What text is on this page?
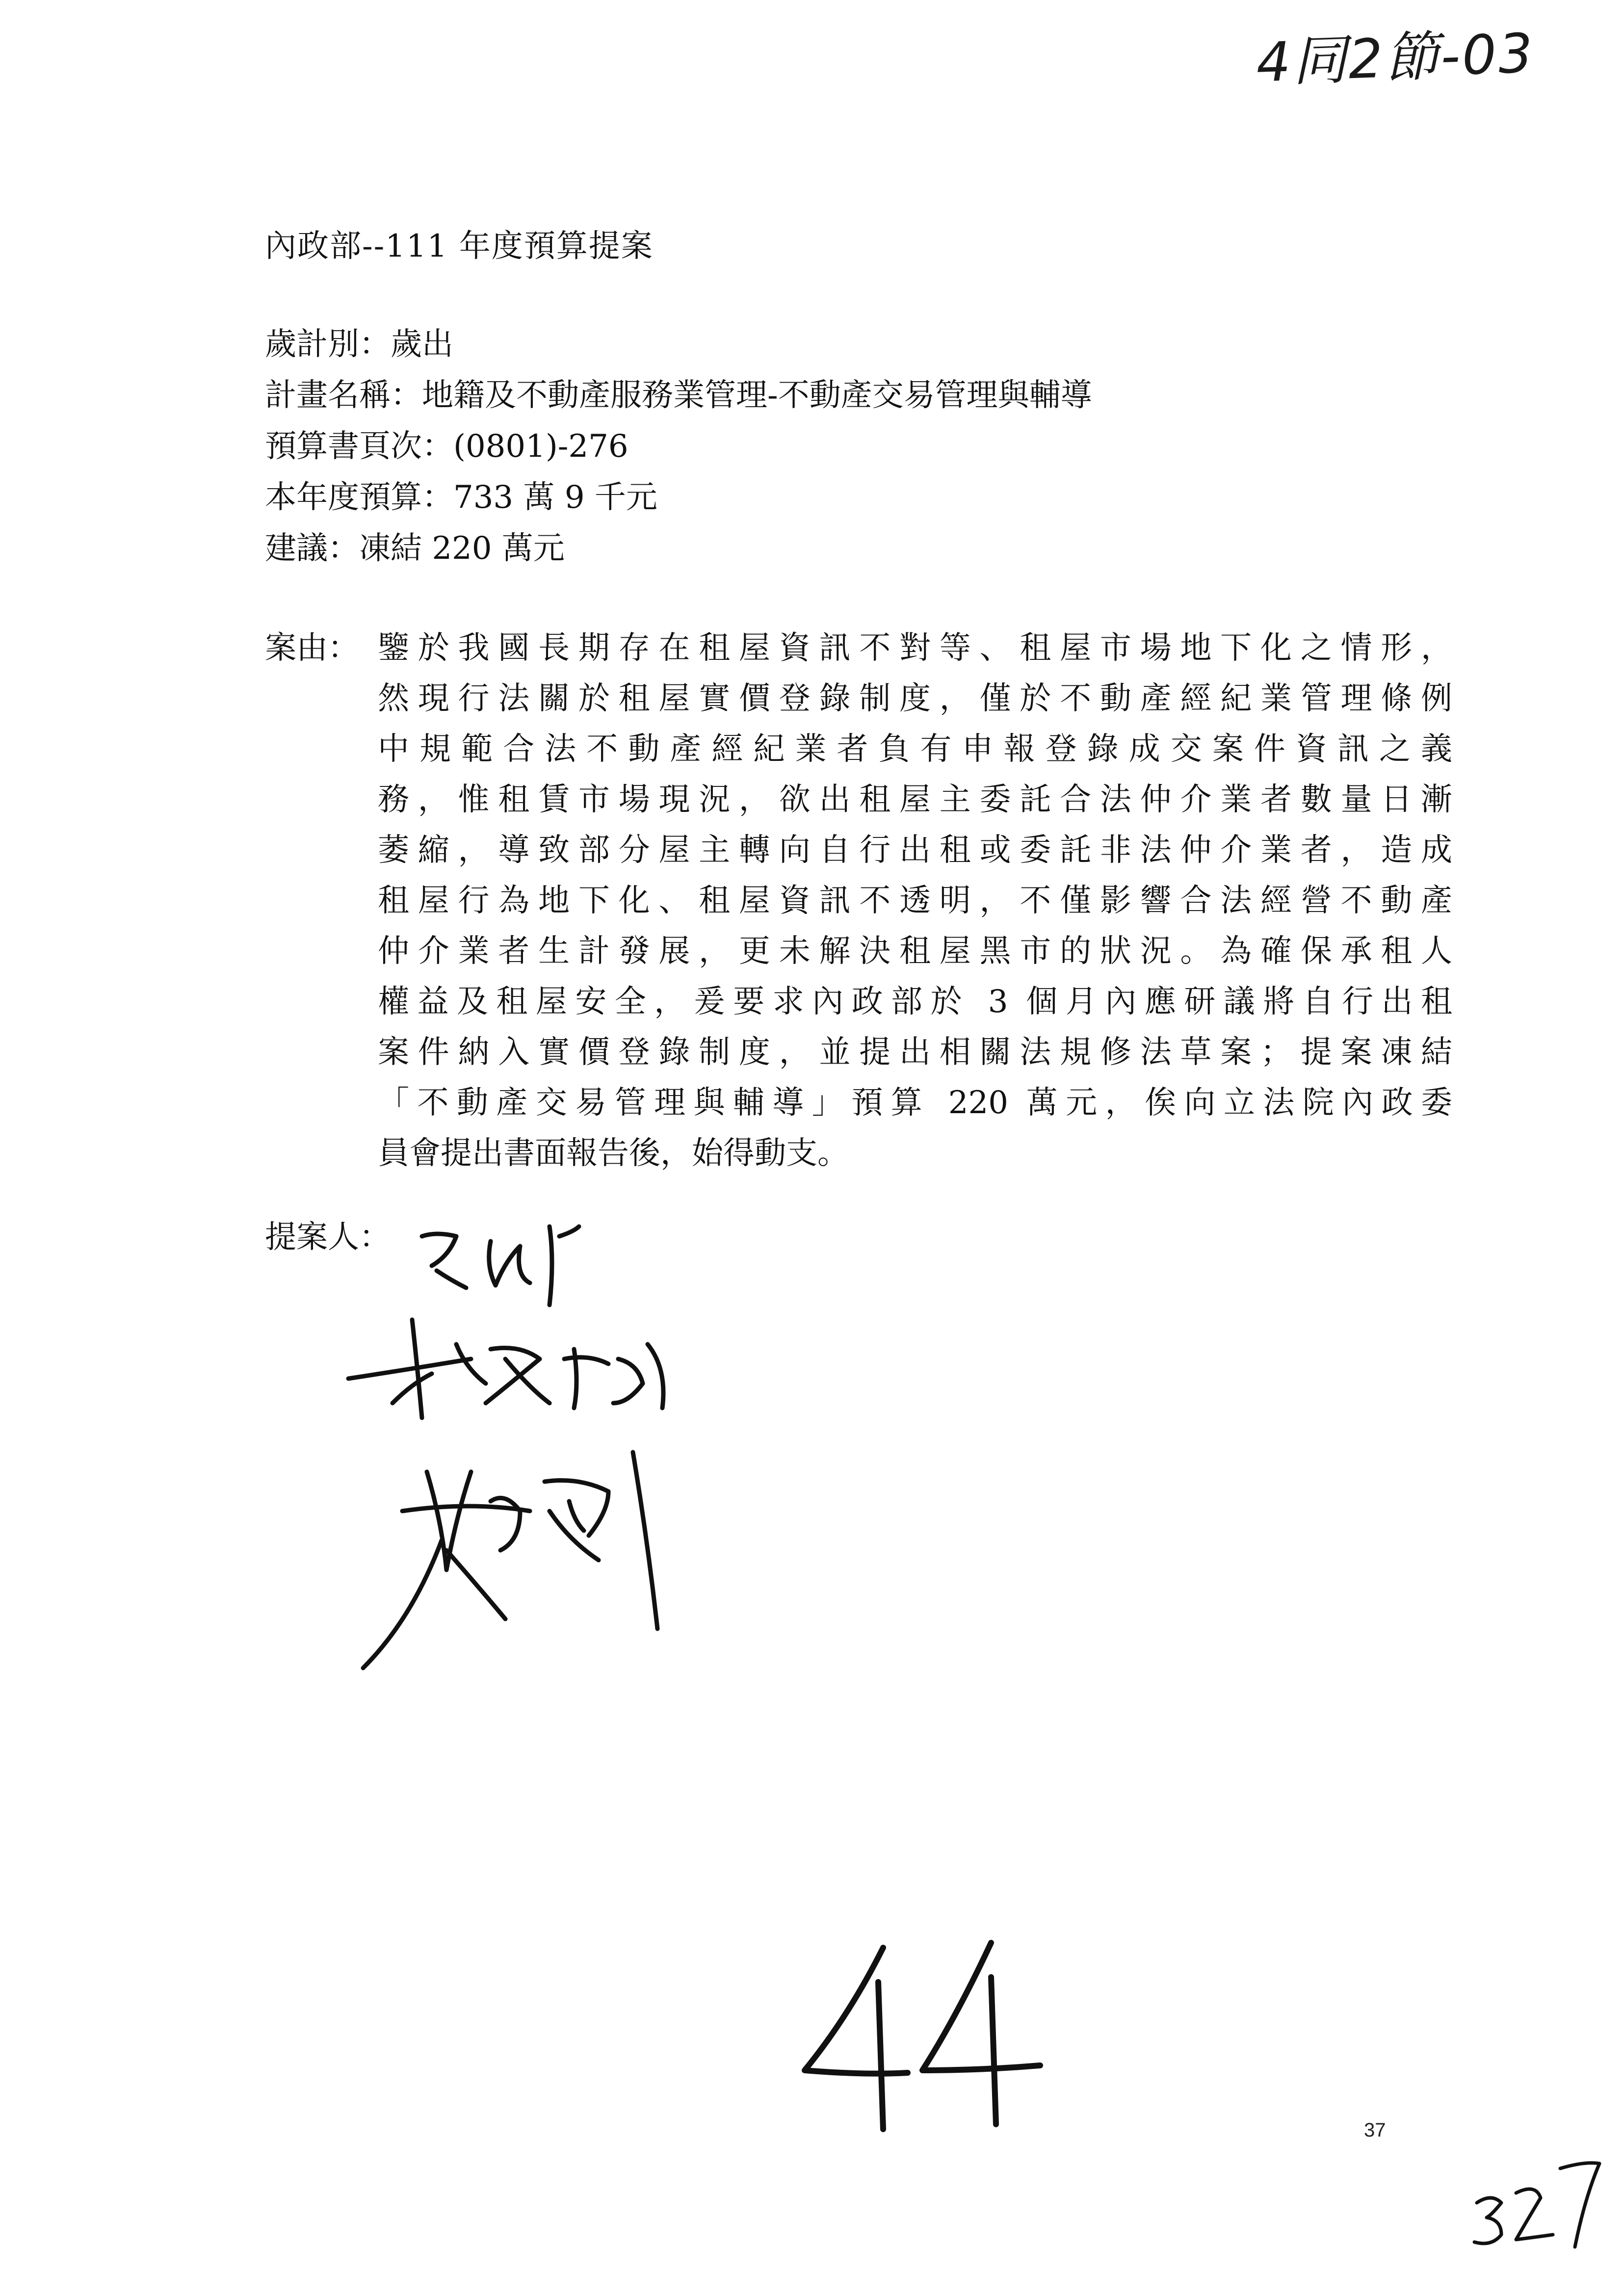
4同2節-03
內政部--111 年度預算提案
歲計別：歲出
計畫名稱：地籍及不動產服務業管理-不動產交易管理與輔導
預算書頁次：(0801)-276
本年度預算：733 萬 9 千元
建議：凍結 220 萬元
案由： 鑒於我國長期存在租屋資訊不對等、租屋市場地下化之情形，
然現行法關於租屋實價登錄制度，僅於不動產經紀業管理條例
中規範合法不動產經紀業者負有申報登錄成交案件資訊之義
務，惟租賃市場現況，欲出租屋主委託合法仲介業者數量日漸
萎縮，導致部分屋主轉向自行出租或委託非法仲介業者，造成
租屋行為地下化、租屋資訊不透明，不僅影響合法經營不動產
仲介業者生計發展，更未解決租屋黑市的狀況。為確保承租人
權益及租屋安全，爰要求內政部於 3 個月內應研議將自行出租
案件納入實價登錄制度，並提出相關法規修法草案；提案凍結
「不動產交易管理與輔導」預算 220 萬元，俟向立法院內政委
員會提出書面報告後，始得動支。
提案人：
37
